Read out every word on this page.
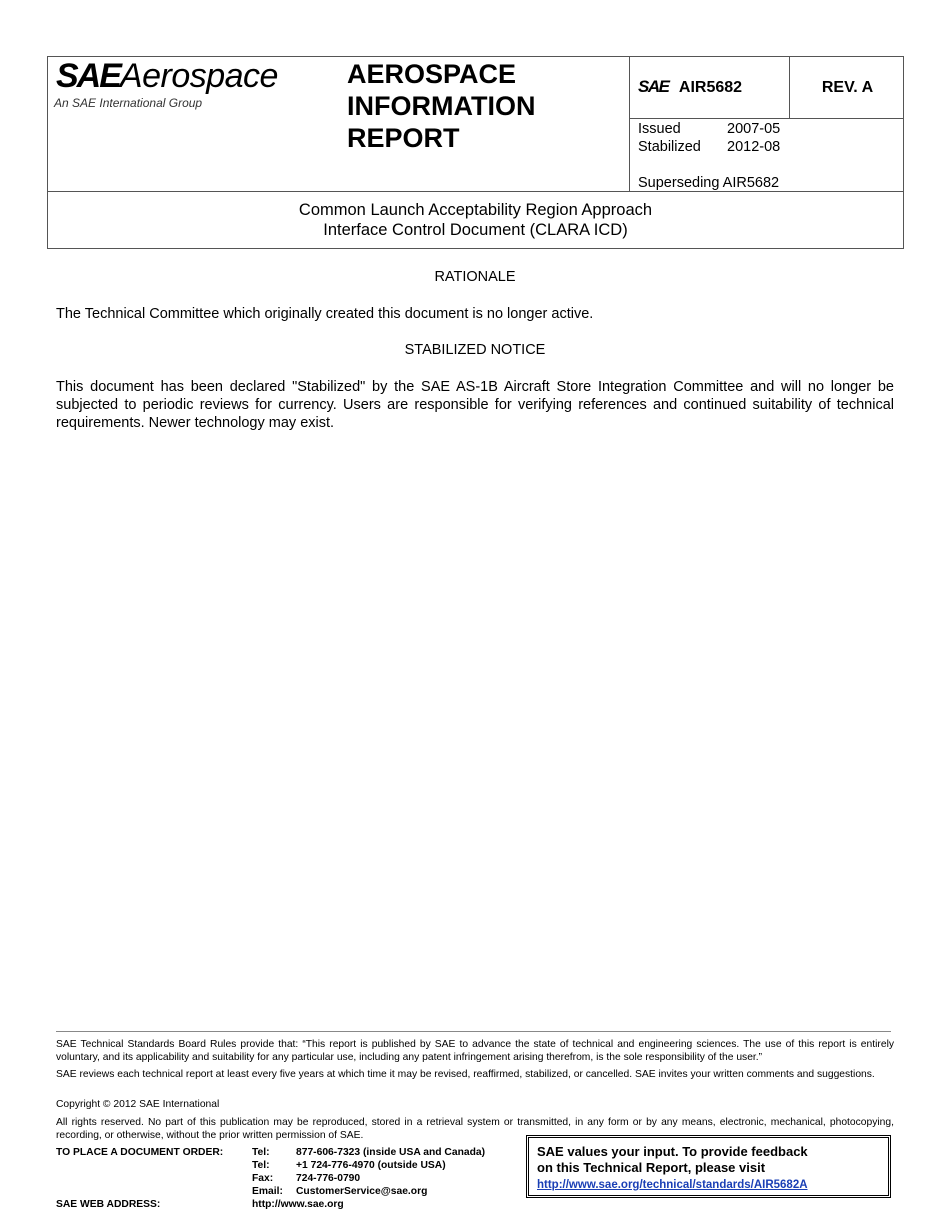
SAEAerospace
An SAE International Group
AEROSPACE
INFORMATION
REPORT
SAE AIR5682	REV. A
Issued	2007-05
Stabilized 2012-08
Superseding AIR5682
Common Launch Acceptability Region Approach
Interface Control Document (CLARA ICD)
RATIONALE
The Technical Committee which originally created this document is no longer active.
STABILIZED NOTICE
This document has been declared "Stabilized" by the SAE AS-1B Aircraft Store Integration Committee and will no longer be subjected to periodic reviews for currency. Users are responsible for verifying references and continued suitability of technical requirements. Newer technology may exist.
SAE Technical Standards Board Rules provide that: “This report is published by SAE to advance the state of technical and engineering sciences. The use of this report is entirely voluntary, and its applicability and suitability for any particular use, including any patent infringement arising therefrom, is the sole responsibility of the user.”
SAE reviews each technical report at least every five years at which time it may be revised, reaffirmed, stabilized, or cancelled. SAE invites your written comments and suggestions.
Copyright © 2012 SAE International
All rights reserved. No part of this publication may be reproduced, stored in a retrieval system or transmitted, in any form or by any means, electronic, mechanical, photocopying, recording, or otherwise, without the prior written permission of SAE.
TO PLACE A DOCUMENT ORDER:	Tel:	877-606-7323 (inside USA and Canada)
Tel:	+1 724-776-4970 (outside USA)
Fax: 724-776-0790
Email: CustomerService@sae.org
SAE WEB ADDRESS:	http://www.sae.org
SAE values your input. To provide feedback
on this Technical Report, please visit
http://www.sae.org/technical/standards/AIR5682A
